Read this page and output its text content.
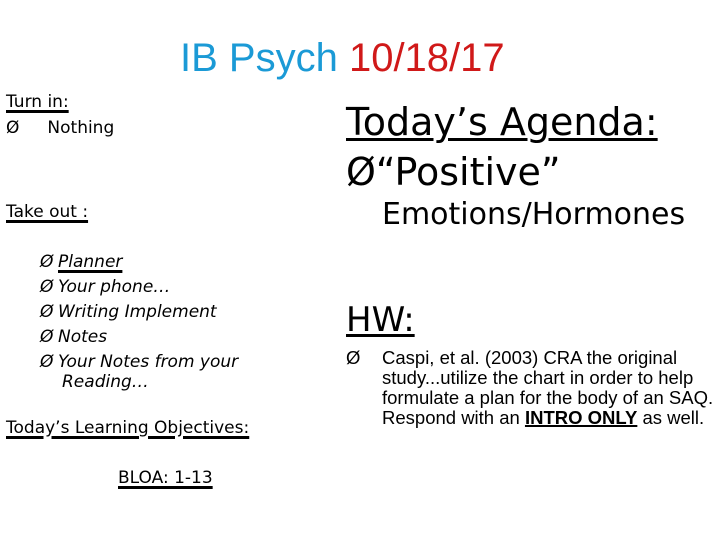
IB Psych 10/18/17
Turn in:
Ø Nothing
Take out :
Ø Planner
Ø Your phone…
Ø Writing Implement
Ø Notes
Ø Your Notes from your
Reading…
Today’s Learning Objectives:
BLOA: 1-13
Today’s Agenda:
Ø“Positive”
Emotions/Hormones
HW:
Ø Caspi, et al. (2003) CRA the original study...utilize the chart in order to help formulate a plan for the body of an SAQ. Respond with an INTRO ONLY as well.
